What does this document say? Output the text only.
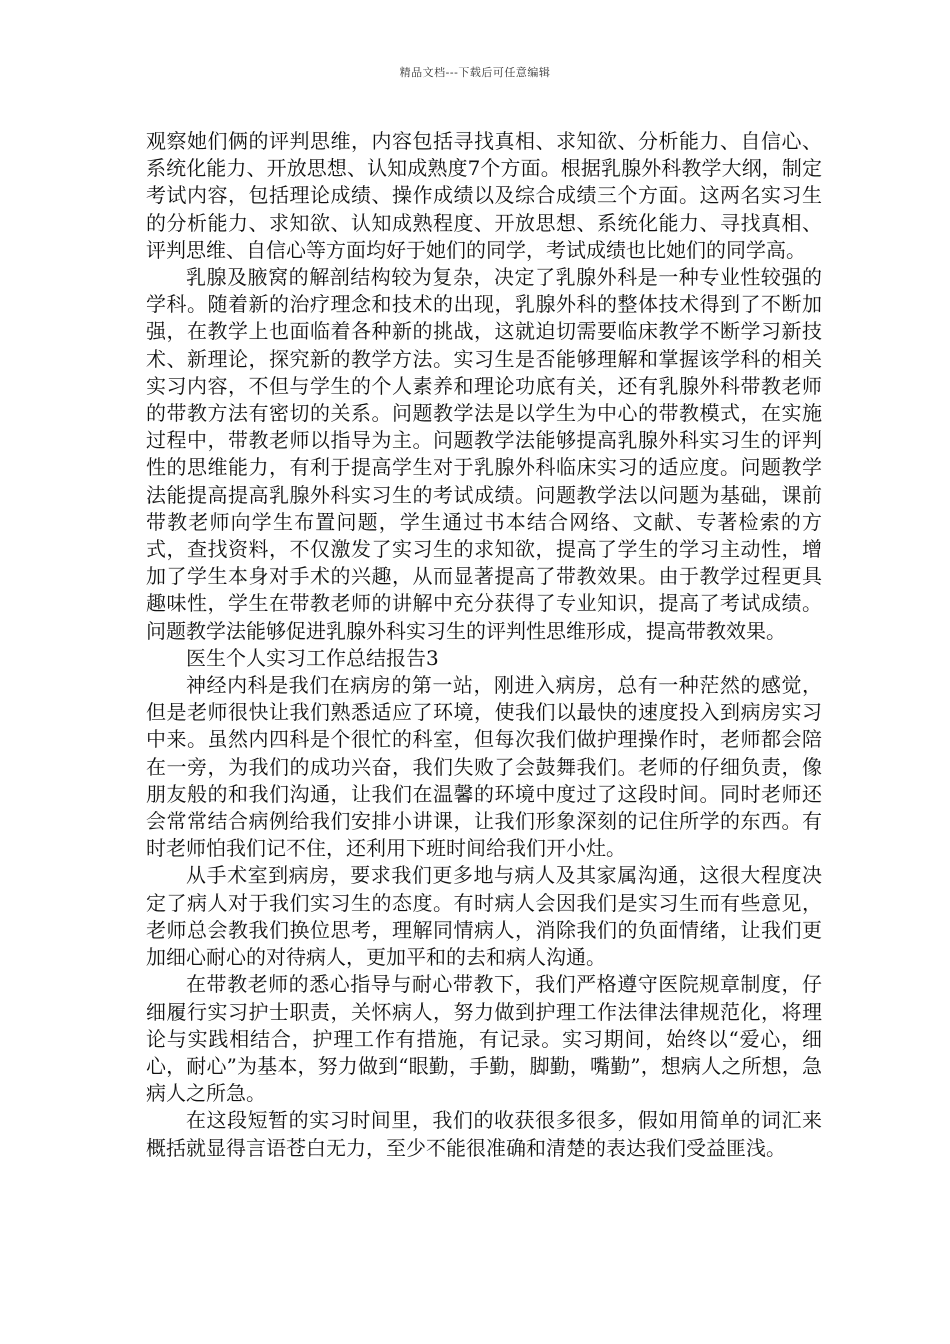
精品文档---下载后可任意编辑

观察她们俩的评判思维，内容包括寻找真相、求知欲、分析能力、自信心、系统化能力、开放思想、认知成熟度7个方面。根据乳腺外科教学大纲，制定考试内容，包括理论成绩、操作成绩以及综合成绩三个方面。这两名实习生的分析能力、求知欲、认知成熟程度、开放思想、系统化能力、寻找真相、评判思维、自信心等方面均好于她们的同学，考试成绩也比她们的同学高。

乳腺及腋窝的解剖结构较为复杂，决定了乳腺外科是一种专业性较强的学科。随着新的治疗理念和技术的出现，乳腺外科的整体技术得到了不断加强，在教学上也面临着各种新的挑战，这就迫切需要临床教学不断学习新技术、新理论，探究新的教学方法。实习生是否能够理解和掌握该学科的相关实习内容，不但与学生的个人素养和理论功底有关，还有乳腺外科带教老师的带教方法有密切的关系。问题教学法是以学生为中心的带教模式，在实施过程中，带教老师以指导为主。问题教学法能够提高乳腺外科实习生的评判性的思维能力，有利于提高学生对于乳腺外科临床实习的适应度。问题教学法能提高提高乳腺外科实习生的考试成绩。问题教学法以问题为基础，课前带教老师向学生布置问题，学生通过书本结合网络、文献、专著检索的方式，查找资料，不仅激发了实习生的求知欲，提高了学生的学习主动性，增加了学生本身对手术的兴趣，从而显著提高了带教效果。由于教学过程更具趣味性，学生在带教老师的讲解中充分获得了专业知识，提高了考试成绩。问题教学法能够促进乳腺外科实习生的评判性思维形成，提高带教效果。

医生个人实习工作总结报告3

神经内科是我们在病房的第一站，刚进入病房，总有一种茫然的感觉，但是老师很快让我们熟悉适应了环境，使我们以最快的速度投入到病房实习中来。虽然内四科是个很忙的科室，但每次我们做护理操作时，老师都会陪在一旁，为我们的成功兴奋，我们失败了会鼓舞我们。老师的仔细负责，像朋友般的和我们沟通，让我们在温馨的环境中度过了这段时间。同时老师还会常常结合病例给我们安排小讲课，让我们形象深刻的记住所学的东西。有时老师怕我们记不住，还利用下班时间给我们开小灶。

从手术室到病房，要求我们更多地与病人及其家属沟通，这很大程度决定了病人对于我们实习生的态度。有时病人会因我们是实习生而有些意见，老师总会教我们换位思考，理解同情病人，消除我们的负面情绪，让我们更加细心耐心的对待病人，更加平和的去和病人沟通。

在带教老师的悉心指导与耐心带教下，我们严格遵守医院规章制度，仔细履行实习护士职责，关怀病人，努力做到护理工作法律法律规范化，将理论与实践相结合，护理工作有措施，有记录。实习期间，始终以“爱心，细心，耐心”为基本，努力做到“眼勤，手勤，脚勤，嘴勤”，想病人之所想，急病人之所急。

在这段短暂的实习时间里，我们的收获很多很多，假如用简单的词汇来概括就显得言语苍白无力，至少不能很准确和清楚的表达我们受益匪浅。
